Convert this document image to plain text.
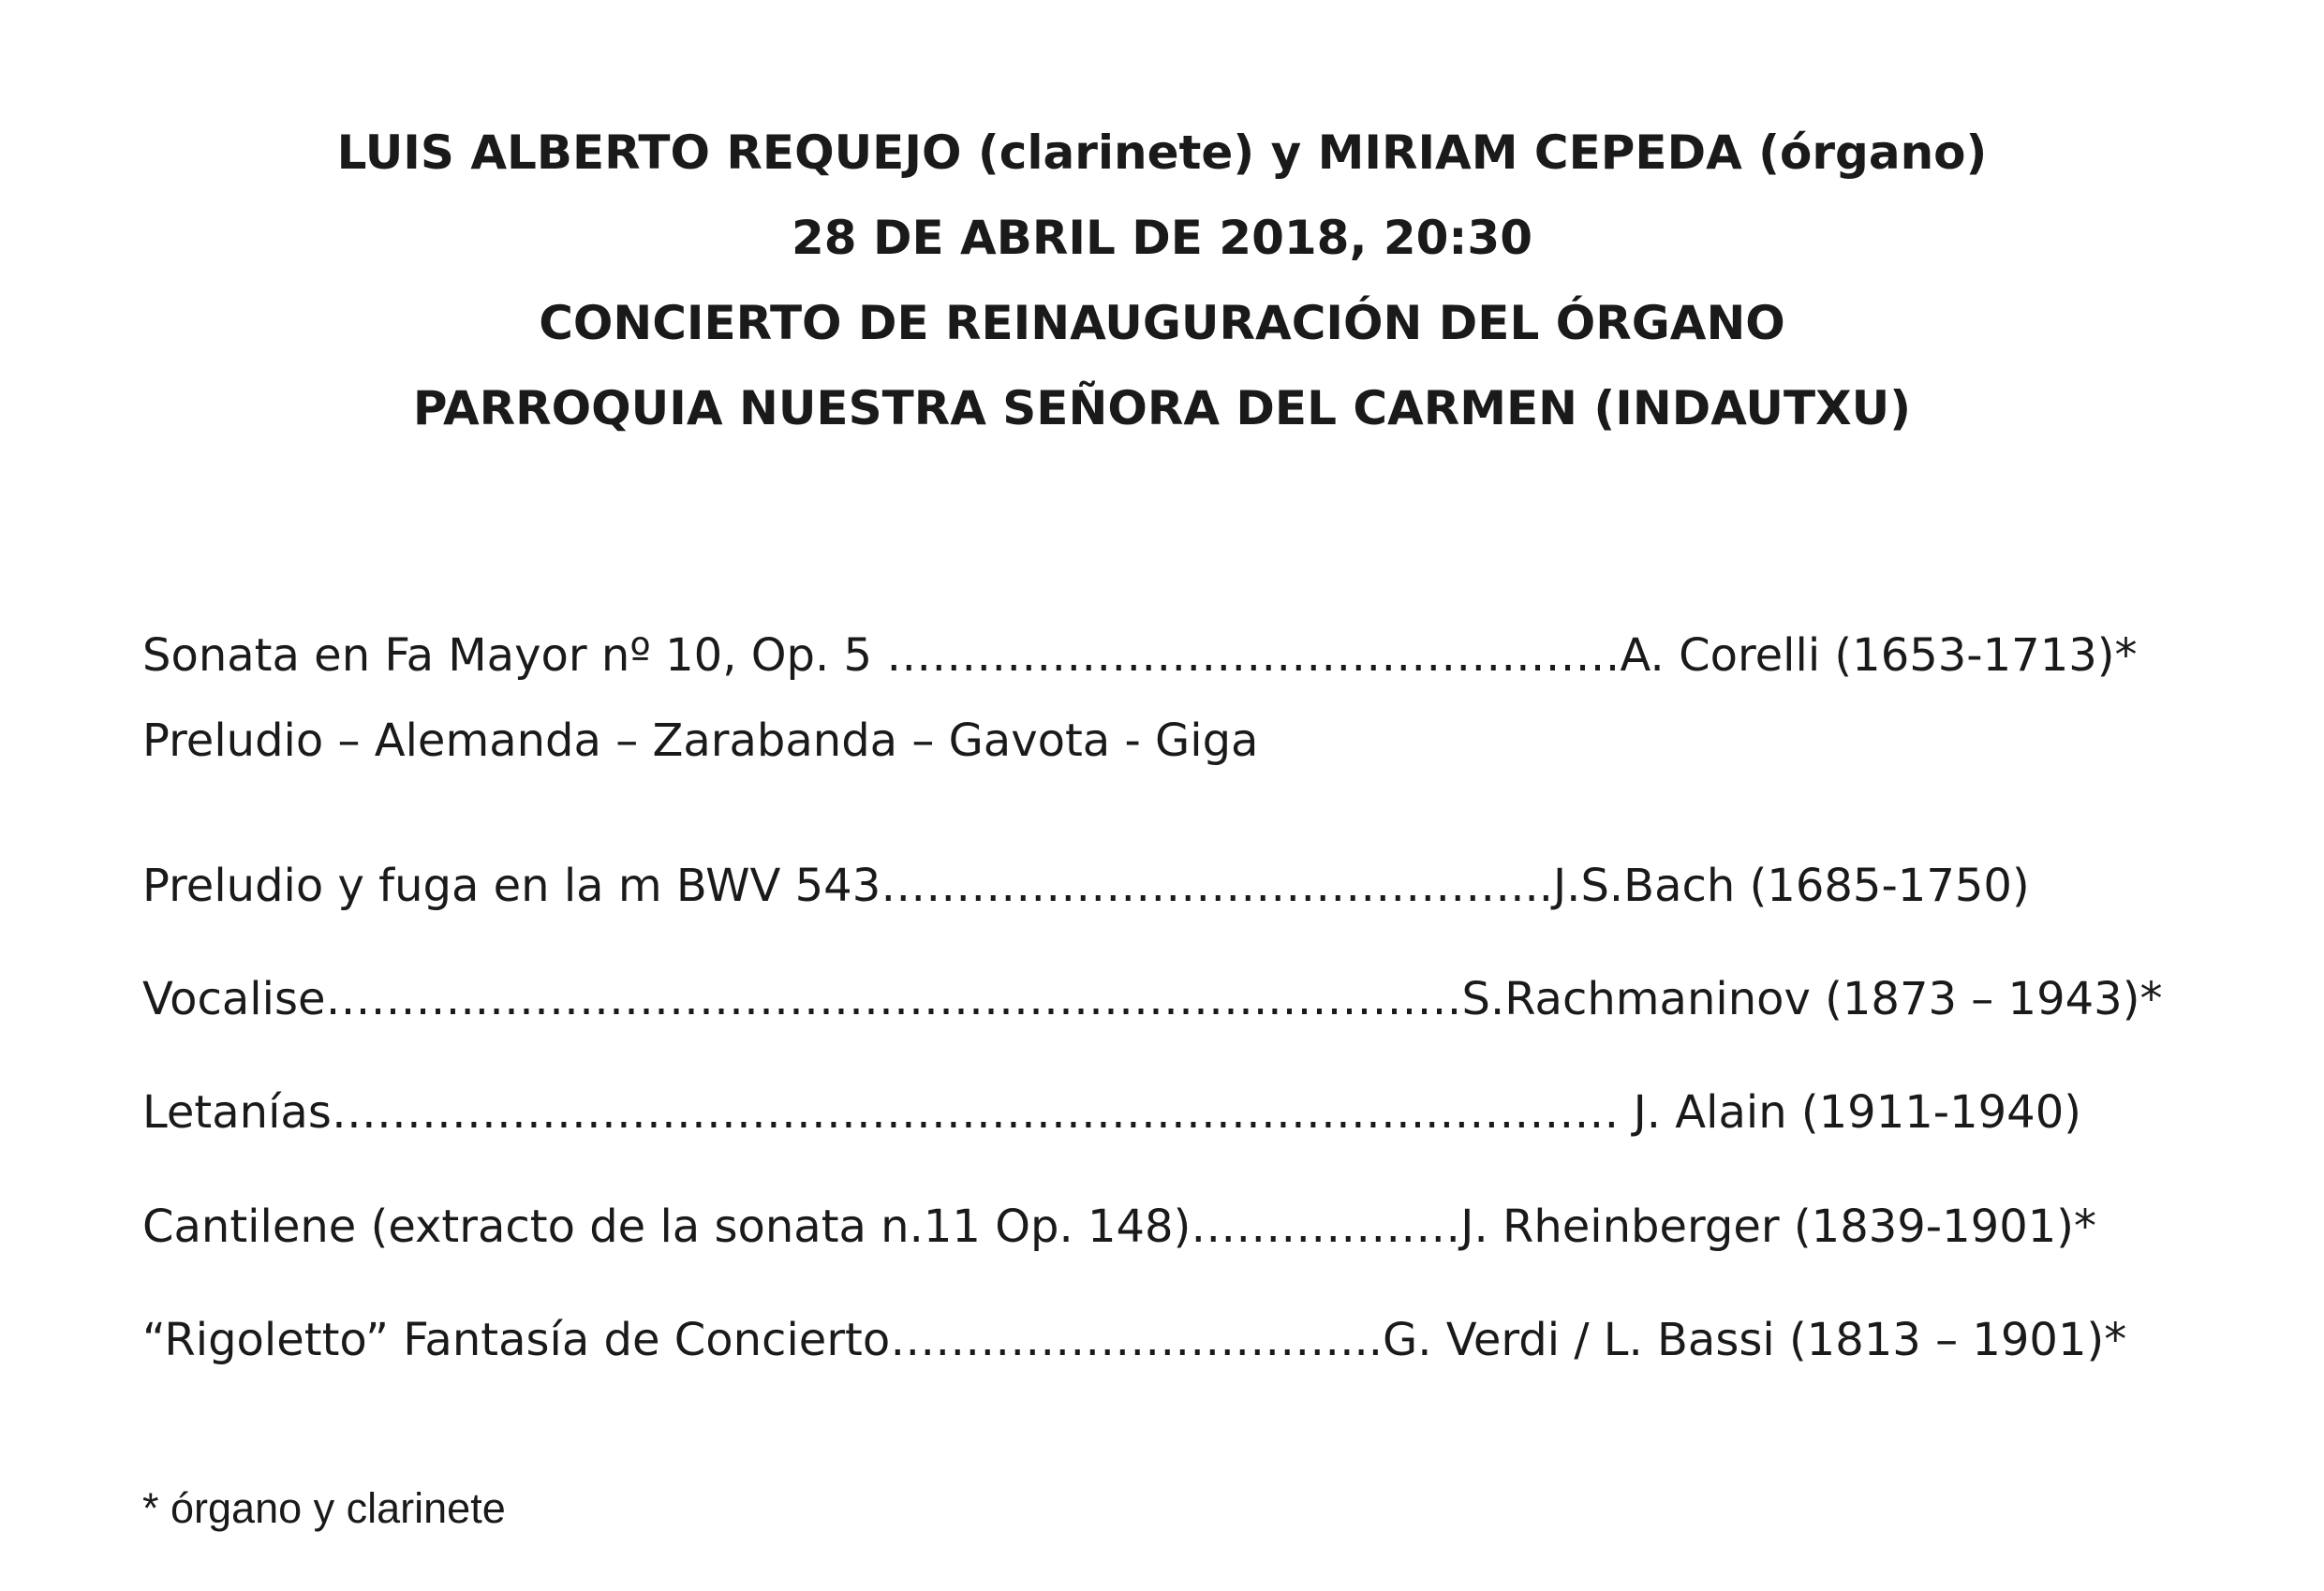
LUIS ALBERTO REQUEJO (clarinete) y MIRIAM CEPEDA (órgano)
28 DE ABRIL DE 2018, 20:30
CONCIERTO DE REINAUGURACIÓN DEL ÓRGANO
PARROQUIA NUESTRA SEÑORA DEL CARMEN (INDAUTXU)
Sonata en Fa Mayor nº 10, Op. 5 …………………………………….……A. Corelli (1653-1713)*
Preludio – Alemanda – Zarabanda – Gavota - Giga
Preludio y fuga en la m BWV 543……………………………………...J.S.Bach (1685-1750)
Vocalise………..……………………………………………..…………S.Rachmaninov (1873 – 1943)*
Letanías………………………………………………………………..………… J. Alain (1911-1940)
Cantilene (extracto de la sonata n.11 Op. 148)………………J. Rheinberger (1839-1901)*
“Rigoletto” Fantasía de Concierto…………………………...G. Verdi / L. Bassi (1813 – 1901)*
* órgano y clarinete
